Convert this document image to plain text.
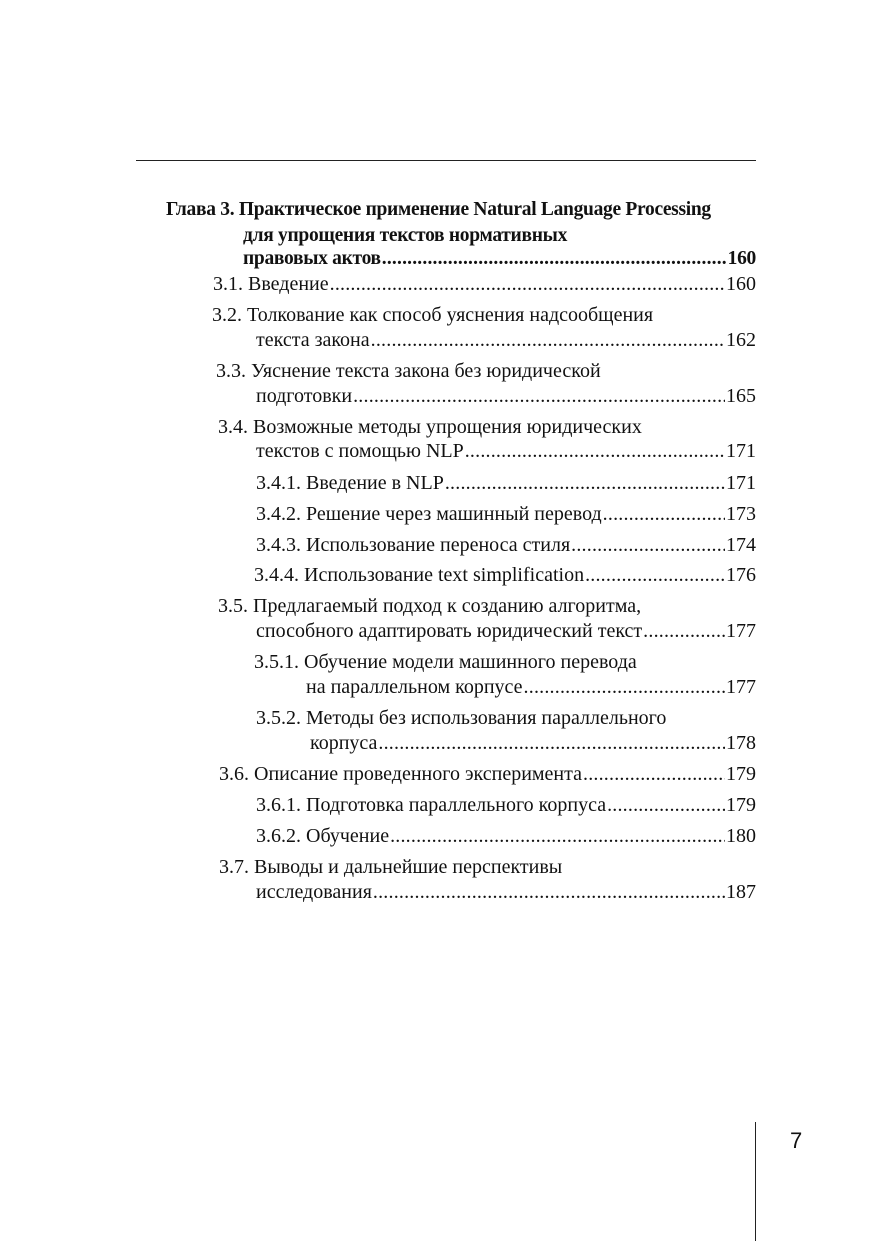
Глава 3. Практическое применение Natural Language Processing
для упрощения текстов нормативных
правовых актов .....	160
3.1. Введение .....	160
3.2. Толкование как способ уяснения надсообщения
текста закона .....	162
3.3. Уяснение текста закона без юридической
подготовки .....	165
3.4. Возможные методы упрощения юридических
текстов с помощью NLP .....	171
3.4.1. Введение в NLP .....	171
3.4.2. Решение через машинный перевод .....	173
3.4.3. Использование переноса стиля .....	174
3.4.4. Использование text simplification .....	176
3.5. Предлагаемый подход к созданию алгоритма,
способного адаптировать юридический текст .....	177
3.5.1. Обучение модели машинного перевода
на параллельном корпусе .....	177
3.5.2. Методы без использования параллельного
корпуса .....	178
3.6. Описание проведенного эксперимента .....	179
3.6.1. Подготовка параллельного корпуса .....	179
3.6.2. Обучение .....	180
3.7. Выводы и дальнейшие перспективы
исследования .....	187
7
